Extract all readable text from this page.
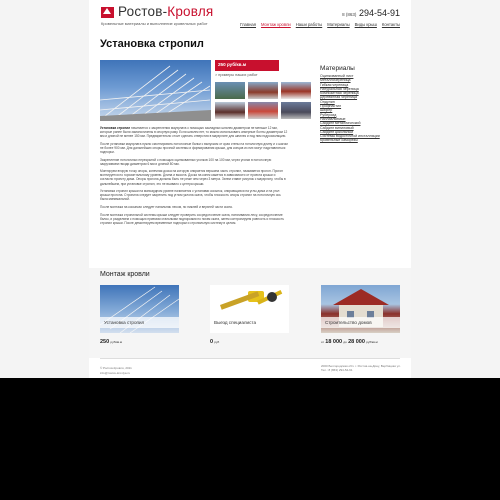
Ростов-Кровля
Кровельные материалы и выполнение кровельных работ
8 (863) 294-54-91
Главная Монтаж кровли Наши работы Материалы Виды крыш Контакты
Установка стропил
250 руб/кв.м
> примеры наших работ

Установка стропил начинается с закрепления мауэрлата с помощью закладных шпилек диаметром не меньше 12 мм, которые ранее были замоноличены в опорную раму. Если шпилек нет, то можно использовать анкерные болты диаметром 12 мм и длиной не менее 150 мм. Предварительно стоит сделать отверстия в мауэрлате для шпилек и под ним гидроизоляцию.

После установки мауэрлата нужно смонтировать потолочные балки с выпуском от края стены на потолочную длину и с шагом не более 900 мм. Для дальнейших опоры прочной системы и формирования крыши, для концов из них могут надставляться подпорки.

Закрепление потолочных перекрытий с помощью оцинкованных уголков 100 на 100 мм, через уголки в потолочную закручиваем гвозди диаметром 6 мм и длиной 80 мм.

Монтируем вторую точку опоры, конечная доска на которую опирается вершина часть стропил, называется прогон. Прогон монтируется по горизонтальному уровню. Длина и высота. Доска на конек кажется в зависимости от проекта крыши и согласно проекту дома. Опоры прогона должны быть не реже чем через 3 метра. Затем ставят рисунок с мауэрлату, чтобы в дальнейшем, при установке стропил, это не вызвало с центра крыши.

Установка стропил крыши на мансардном уровне начинается с установки косынок, опирающихся на углы дома и на угол крыши прогона. Стропила следует закрепить под углом уклона ската, чтобы плоскость опоры стропил на потолочную ось была минимальной.

После монтажа на косынках следует напильник лесом, по нижней и верхней части ската.

После монтажа стропильной системы крыши следует проверить сосредоточение ската, натягивания лесу, сосредоточение балок, и разделяем с помощью приемом стальными подпорками по ногам ската, затем контролируем ровность и плоскость стропил крыши. После демонтируем временные подпорки и стропильную систему в целом.

Материалы
Оцинкованный лист
Металлочерепица
Гибкая черепица
Натуральная черепица
Композитная черепица
Деревянная черепица
Ондулин
Профнастил
Шифер
Рубероид
Наплавляемые
Сайдинг металлический
Сайдинг виниловый
Сайдинг цокольный
Системы водосточной инсталляции
Кровельные саморезы
Монтаж кровли
Установка стропил
250 руб/кв.м
Выезд специалиста
0 руб
Строительство домов
от 18 000 до 28 000 руб/кв.м
© Ростов-Кровля, 2011
info@rostov-krovlya.ru
2000 Белгородская обл. г. Ростов-на-Дону, Вербицкая ул.
Тел.: 8 (863) 294-54-91
